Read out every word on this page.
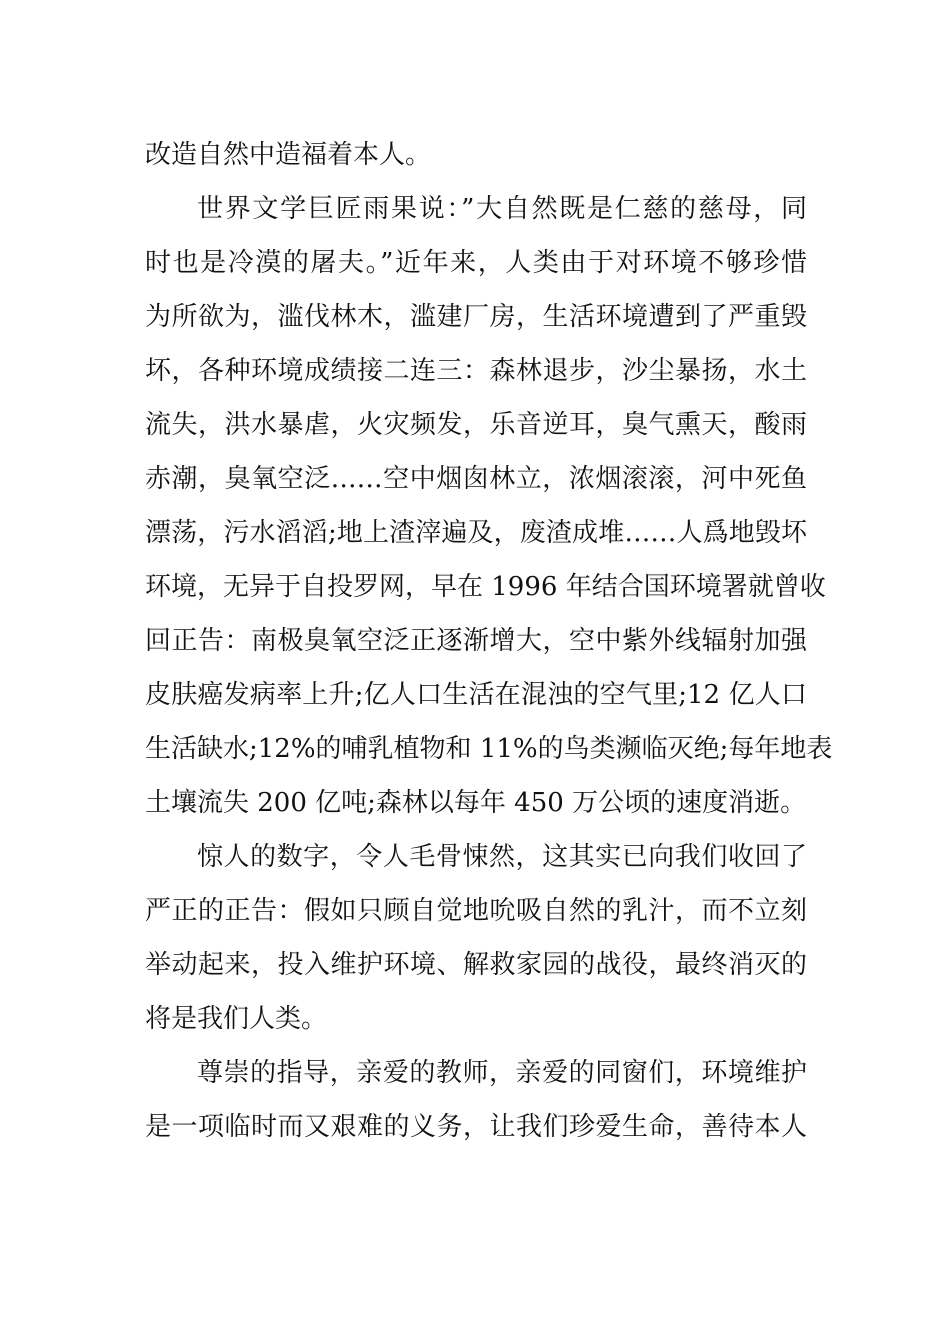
改造自然中造福着本人。
世界文学巨匠雨果说：”大自然既是仁慈的慈母，同
时也是冷漠的屠夫。”近年来，人类由于对环境不够珍惜
为所欲为，滥伐林木，滥建厂房，生活环境遭到了严重毁
坏，各种环境成绩接二连三：森林退步，沙尘暴扬，水土
流失，洪水暴虐，火灾频发，乐音逆耳，臭气熏天，酸雨
赤潮，臭氧空泛……空中烟囱林立，浓烟滚滚，河中死鱼
漂荡，污水滔滔;地上渣滓遍及，废渣成堆……人爲地毁坏
环境，无异于自投罗网，早在 1996 年结合国环境署就曾收
回正告：南极臭氧空泛正逐渐增大，空中紫外线辐射加强
皮肤癌发病率上升;亿人口生活在混浊的空气里;12 亿人口
生活缺水;12%的哺乳植物和 11%的鸟类濒临灭绝;每年地表
土壤流失 200 亿吨;森林以每年 450 万公顷的速度消逝。
惊人的数字，令人毛骨悚然，这其实已向我们收回了
严正的正告：假如只顾自觉地吮吸自然的乳汁，而不立刻
举动起来，投入维护环境、解救家园的战役，最终消灭的
将是我们人类。
尊崇的指导，亲爱的教师，亲爱的同窗们，环境维护
是一项临时而又艰难的义务，让我们珍爱生命，善待本人
